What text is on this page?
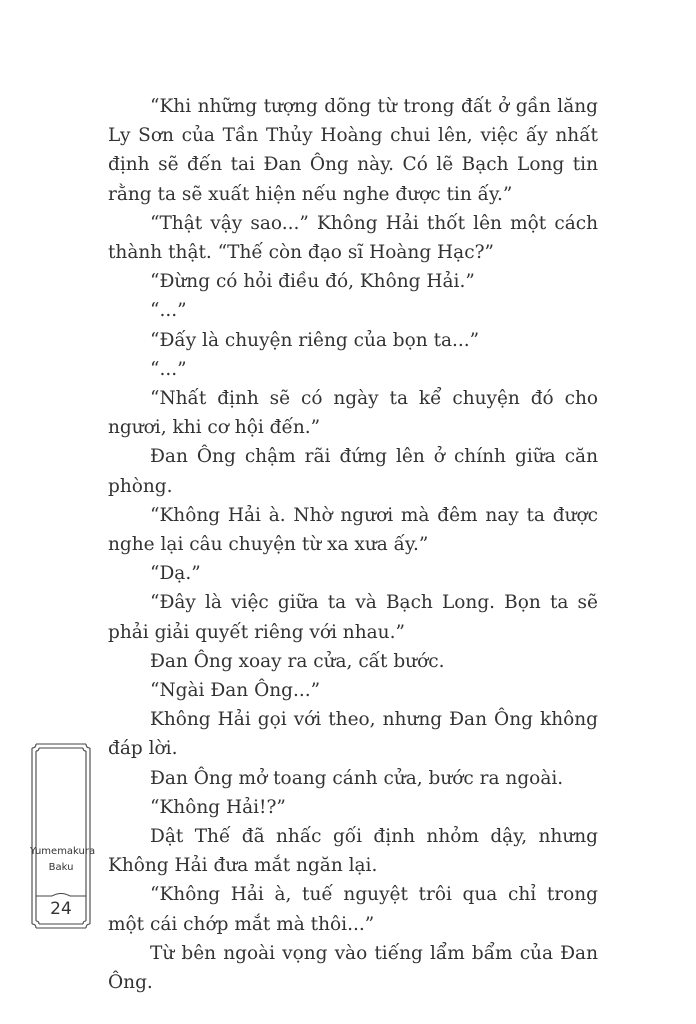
“Khi những tượng dõng từ trong đất ở gần lăng Ly Sơn của Tần Thủy Hoàng chui lên, việc ấy nhất định sẽ đến tai Đan Ông này. Có lẽ Bạch Long tin rằng ta sẽ xuất hiện nếu nghe được tin ấy.”

“Thật vậy sao...” Không Hải thốt lên một cách thành thật. “Thế còn đạo sĩ Hoàng Hạc?”

“Đừng có hỏi điều đó, Không Hải.”

“...”

“Đấy là chuyện riêng của bọn ta...”

“...”

“Nhất định sẽ có ngày ta kể chuyện đó cho ngươi, khi cơ hội đến.”

Đan Ông chậm rãi đứng lên ở chính giữa căn phòng.

“Không Hải à. Nhờ ngươi mà đêm nay ta được nghe lại câu chuyện từ xa xưa ấy.”

“Dạ.”

“Đây là việc giữa ta và Bạch Long. Bọn ta sẽ phải giải quyết riêng với nhau.”

Đan Ông xoay ra cửa, cất bước.

“Ngài Đan Ông...”

Không Hải gọi với theo, nhưng Đan Ông không đáp lời.

Đan Ông mở toang cánh cửa, bước ra ngoài.

“Không Hải!?”

Dật Thế đã nhấc gối định nhỏm dậy, nhưng Không Hải đưa mắt ngăn lại.

“Không Hải à, tuế nguyệt trôi qua chỉ trong một cái chớp mắt mà thôi...”

Từ bên ngoài vọng vào tiếng lẩm bẩm của Đan Ông.

Yumemakura
Baku
24
